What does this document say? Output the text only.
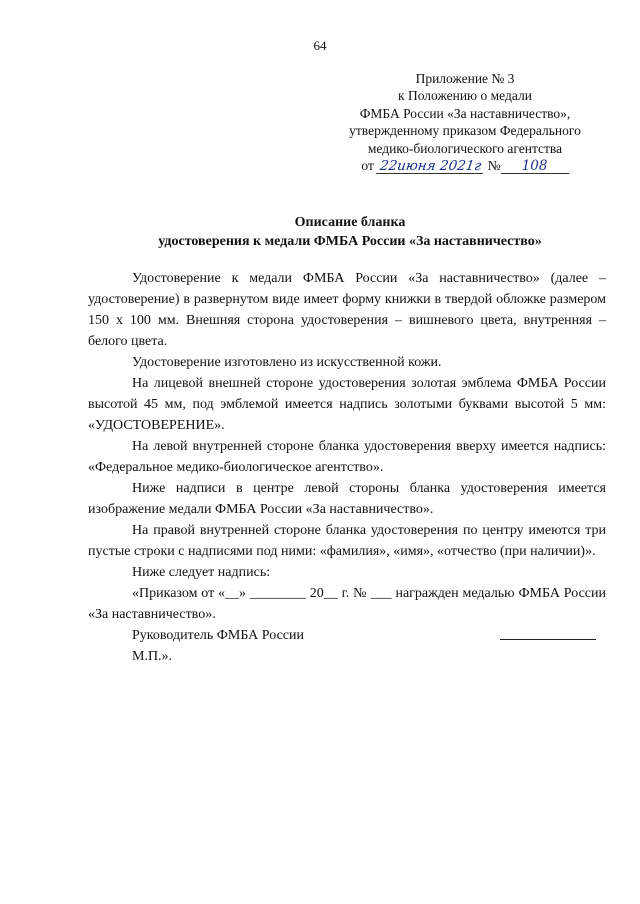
64
Приложение № 3
к Положению о медали
ФМБА России «За наставничество»,
утвержденному приказом Федерального
медико-биологического агентства
от 22июня 2021г № 108
Описание бланка
удостоверения к медали ФМБА России «За наставничество»

Удостоверение к медали ФМБА России «За наставничество» (далее – удостоверение) в развернутом виде имеет форму книжки в твердой обложке размером 150 x 100 мм. Внешняя сторона удостоверения – вишневого цвета, внутренняя – белого цвета.

Удостоверение изготовлено из искусственной кожи.

На лицевой внешней стороне удостоверения золотая эмблема ФМБА России высотой 45 мм, под эмблемой имеется надпись золотыми буквами высотой 5 мм: «УДОСТОВЕРЕНИЕ».

На левой внутренней стороне бланка удостоверения вверху имеется надпись: «Федеральное медико-биологическое агентство».

Ниже надписи в центре левой стороны бланка удостоверения имеется изображение медали ФМБА России «За наставничество».

На правой внутренней стороне бланка удостоверения по центру имеются три пустые строки с надписями под ними: «фамилия», «имя», «отчество (при наличии)».

Ниже следует надпись:

«Приказом от «__» ________ 20__ г. № ___ награжден медалью ФМБА России «За наставничество».

Руководитель ФМБА России
М.П.».
